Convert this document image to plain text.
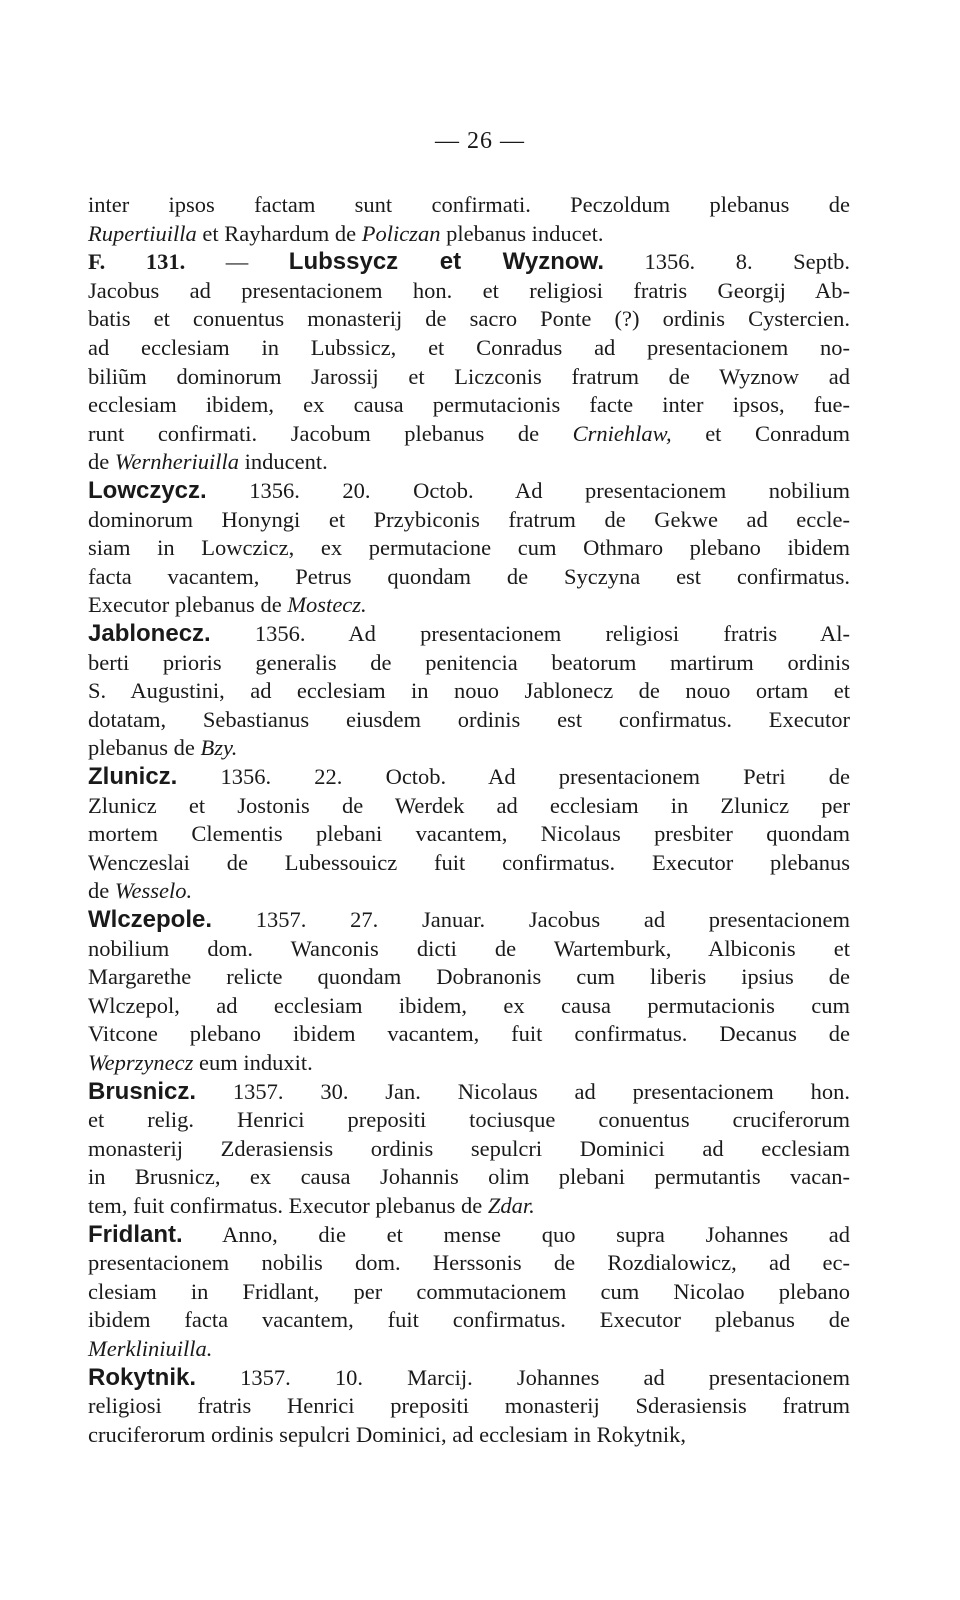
— 26 —
inter ipsos factam sunt confirmati. Peczoldum plebanus de
Rupertiuilla et Rayhardum de Policzan plebanus inducet.
F. 131. — Lubssycz et Wyznow. 1356. 8. Septb.
Jacobus ad presentacionem hon. et religiosi fratris Georgij Ab-
batis et conuentus monasterij de sacro Ponte (?) ordinis Cystercien.
ad ecclesiam in Lubssicz, et Conradus ad presentacionem no-
biliũm dominorum Jarossij et Liczconis fratrum de Wyznow ad
ecclesiam ibidem, ex causa permutacionis facte inter ipsos, fue-
runt confirmati. Jacobum plebanus de Crniehlaw, et Conradum
de Wernheriuilla inducent.
Lowczycz. 1356. 20. Octob. Ad presentacionem nobilium
dominorum Honyngi et Przybiconis fratrum de Gekwe ad eccle-
siam in Lowczicz, ex permutacione cum Othmaro plebano ibidem
facta vacantem, Petrus quondam de Syczyna est confirmatus.
Executor plebanus de Mostecz.
Jablonecz. 1356. Ad presentacionem religiosi fratris Al-
berti prioris generalis de penitencia beatorum martirum ordinis
S. Augustini, ad ecclesiam in nouo Jablonecz de nouo ortam et
dotatam, Sebastianus eiusdem ordinis est confirmatus. Executor
plebanus de Bzy.
Zlunicz. 1356. 22. Octob. Ad presentacionem Petri de
Zlunicz et Jostonis de Werdek ad ecclesiam in Zlunicz per
mortem Clementis plebani vacantem, Nicolaus presbiter quondam
Wenczeslai de Lubessouicz fuit confirmatus. Executor plebanus
de Wesselo.
Wlczepole. 1357. 27. Januar. Jacobus ad presentacionem
nobilium dom. Wanconis dicti de Wartemburk, Albiconis et
Margarethe relicte quondam Dobranonis cum liberis ipsius de
Wlczepol, ad ecclesiam ibidem, ex causa permutacionis cum
Vitcone plebano ibidem vacantem, fuit confirmatus. Decanus de
Weprzynecz eum induxit.
Brusnicz. 1357. 30. Jan. Nicolaus ad presentacionem hon.
et relig. Henrici prepositi tociusque conuentus cruciferorum
monasterij Zderasiensis ordinis sepulcri Dominici ad ecclesiam
in Brusnicz, ex causa Johannis olim plebani permutantis vacan-
tem, fuit confirmatus. Executor plebanus de Zdar.
Fridlant. Anno, die et mense quo supra Johannes ad
presentacionem nobilis dom. Herssonis de Rozdialowicz, ad ec-
clesiam in Fridlant, per commutacionem cum Nicolao plebano
ibidem facta vacantem, fuit confirmatus. Executor plebanus de
Merkliniuilla.
Rokytnik. 1357. 10. Marcij. Johannes ad presentacionem
religiosi fratris Henrici prepositi monasterij Sderasiensis fratrum
cruciferorum ordinis sepulcri Dominici, ad ecclesiam in Rokytnik,
